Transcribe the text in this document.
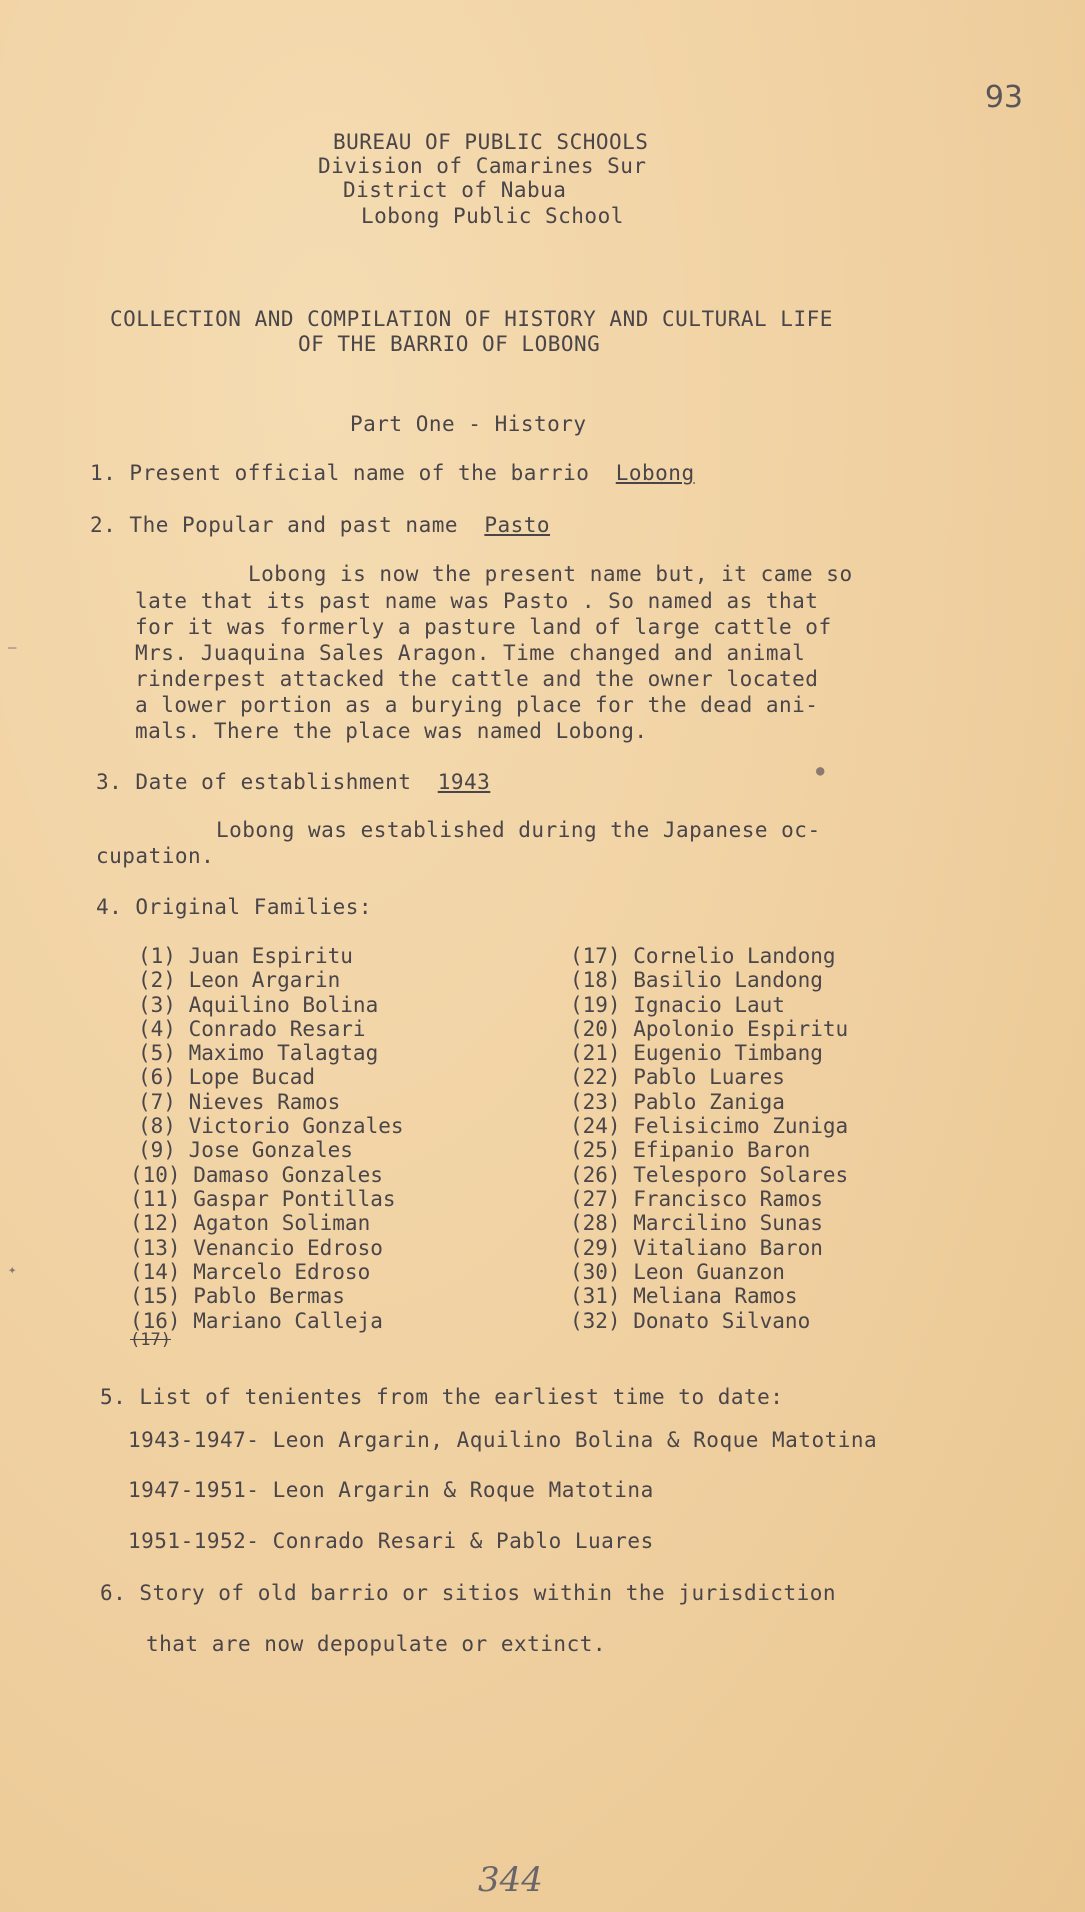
93
BUREAU OF PUBLIC SCHOOLS
Division of Camarines Sur
District of Nabua
Lobong Public School
COLLECTION AND COMPILATION OF HISTORY AND CULTURAL LIFE
OF THE BARRIO OF LOBONG
Part One - History
1. Present official name of the barrio Lobong
2. The Popular and past name Pasto
Lobong is now the present name but, it came so
late that its past name was Pasto . So named as that
for it was formerly a pasture land of large cattle of
Mrs. Juaquina Sales Aragon. Time changed and animal
rinderpest attacked the cattle and the owner located
a lower portion as a burying place for the dead ani-
mals. There the place was named Lobong.
3. Date of establishment 1943
Lobong was established during the Japanese oc-
cupation.
4. Original Families:
(1) Juan Espiritu
(2) Leon Argarin
(3) Aquilino Bolina
(4) Conrado Resari
(5) Maximo Talagtag
(6) Lope Bucad
(7) Nieves Ramos
(8) Victorio Gonzales
(9) Jose Gonzales
(10) Damaso Gonzales
(11) Gaspar Pontillas
(12) Agaton Soliman
(13) Venancio Edroso
(14) Marcelo Edroso
(15) Pablo Bermas
(16) Mariano Calleja
(17)
(17) Cornelio Landong
(18) Basilio Landong
(19) Ignacio Laut
(20) Apolonio Espiritu
(21) Eugenio Timbang
(22) Pablo Luares
(23) Pablo Zaniga
(24) Felisicimo Zuniga
(25) Efipanio Baron
(26) Telesporo Solares
(27) Francisco Ramos
(28) Marcilino Sunas
(29) Vitaliano Baron
(30) Leon Guanzon
(31) Meliana Ramos
(32) Donato Silvano
5. List of tenientes from the earliest time to date:
1943-1947- Leon Argarin, Aquilino Bolina & Roque Matotina
1947-1951- Leon Argarin & Roque Matotina
1951-1952- Conrado Resari & Pablo Luares
6. Story of old barrio or sitios within the jurisdiction
that are now depopulate or extinct.
—
✦
●
344
